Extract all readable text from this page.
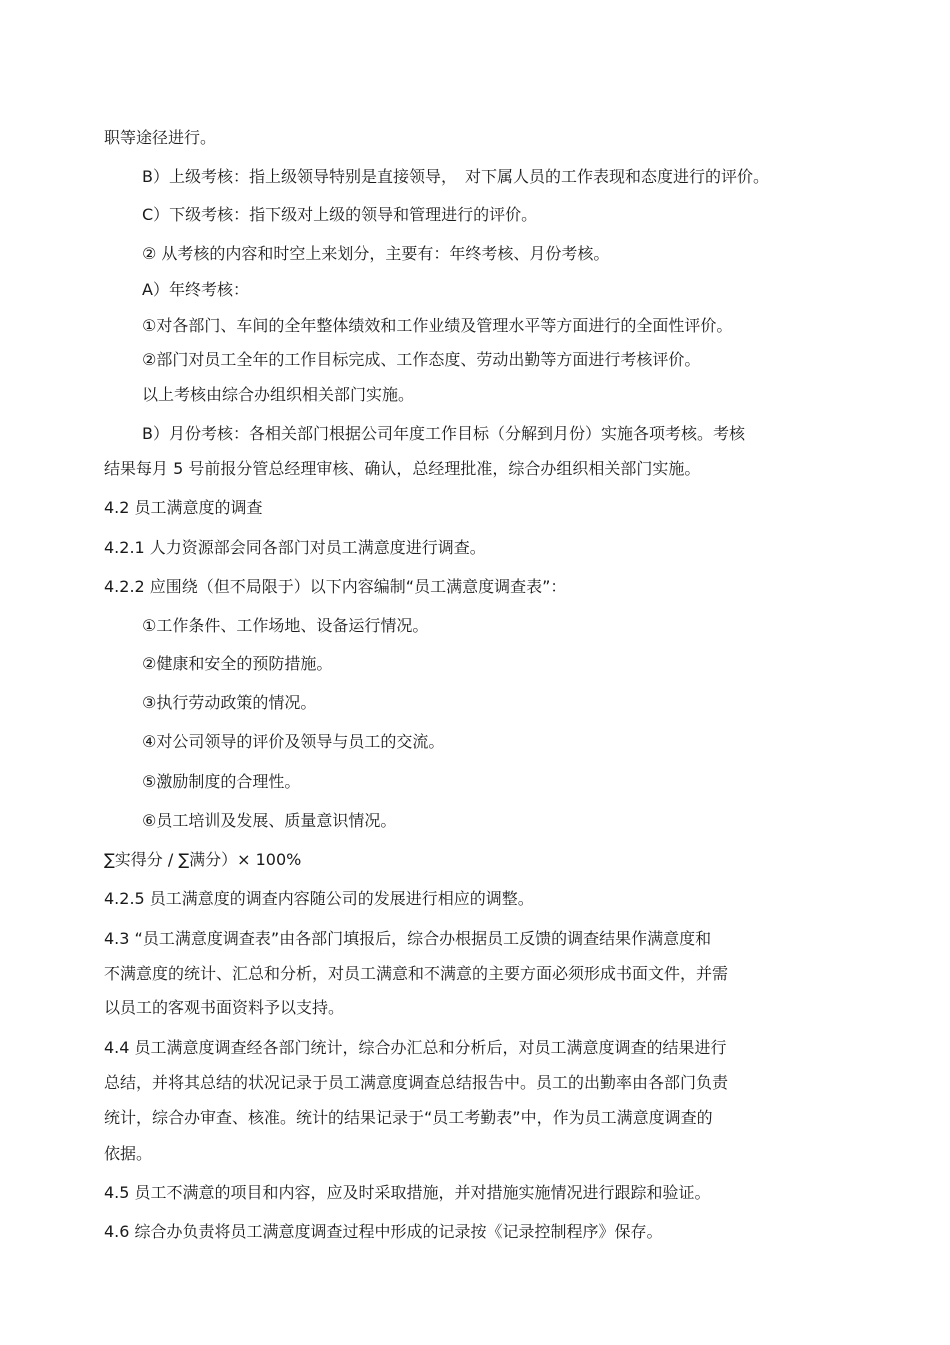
职等途径进行。

B）上级考核：指上级领导特别是直接领导，　对下属人员的工作表现和态度进行的评价。

C）下级考核：指下级对上级的领导和管理进行的评价。

② 从考核的内容和时空上来划分，主要有：年终考核、月份考核。

A）年终考核：

①对各部门、车间的全年整体绩效和工作业绩及管理水平等方面进行的全面性评价。

②部门对员工全年的工作目标完成、工作态度、劳动出勤等方面进行考核评价。

以上考核由综合办组织相关部门实施。

B）月份考核：各相关部门根据公司年度工作目标（分解到月份）实施各项考核。考核

结果每月 5 号前报分管总经理审核、确认，总经理批准，综合办组织相关部门实施。

4.2 员工满意度的调查

4.2.1 人力资源部会同各部门对员工满意度进行调查。

4.2.2 应围绕（但不局限于）以下内容编制“员工满意度调查表”：

①工作条件、工作场地、设备运行情况。

②健康和安全的预防措施。

③执行劳动政策的情况。

④对公司领导的评价及领导与员工的交流。

⑤激励制度的合理性。

⑥员工培训及发展、质量意识情况。

∑实得分 / ∑满分）× 100%

4.2.5 员工满意度的调查内容随公司的发展进行相应的调整。

4.3 “员工满意度调查表”由各部门填报后，综合办根据员工反馈的调查结果作满意度和

不满意度的统计、汇总和分析，对员工满意和不满意的主要方面必须形成书面文件，并需

以员工的客观书面资料予以支持。

4.4 员工满意度调查经各部门统计，综合办汇总和分析后，对员工满意度调查的结果进行

总结，并将其总结的状况记录于员工满意度调查总结报告中。员工的出勤率由各部门负责

统计，综合办审查、核准。统计的结果记录于“员工考勤表”中，作为员工满意度调查的

依据。

4.5 员工不满意的项目和内容，应及时采取措施，并对措施实施情况进行跟踪和验证。

4.6 综合办负责将员工满意度调查过程中形成的记录按《记录控制程序》保存。
